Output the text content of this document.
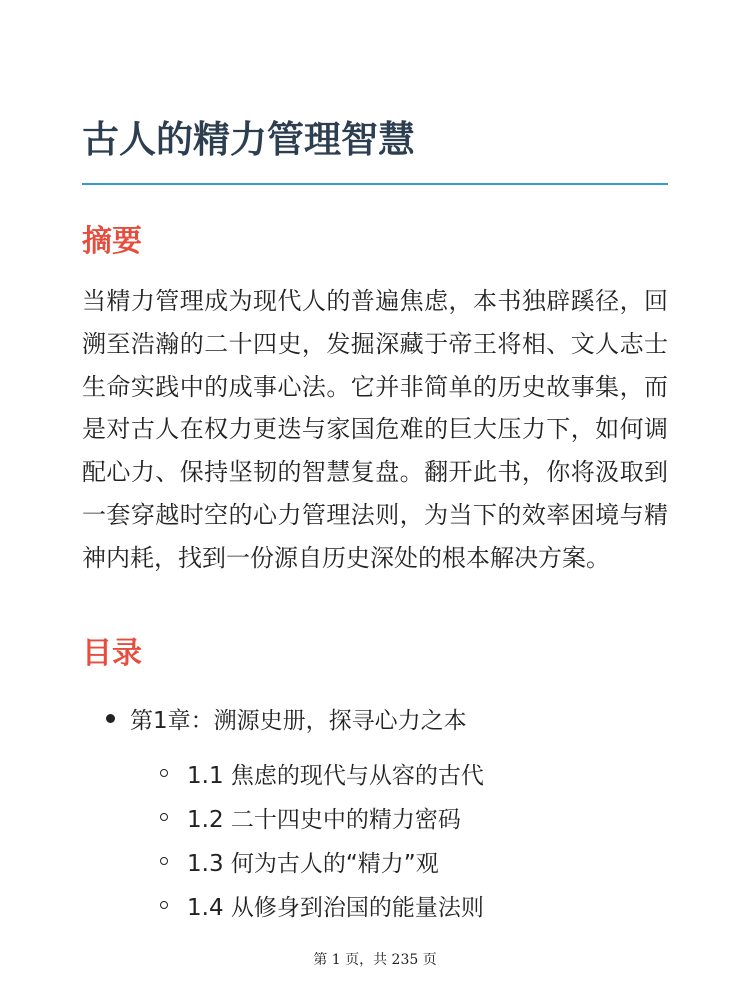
古人的精力管理智慧
摘要

当精力管理成为现代人的普遍焦虑，本书独辟蹊径，回溯至浩瀚的二十四史，发掘深藏于帝王将相、文人志士生命实践中的成事心法。它并非简单的历史故事集，而是对古人在权力更迭与家国危难的巨大压力下，如何调配心力、保持坚韧的智慧复盘。翻开此书，你将汲取到一套穿越时空的心力管理法则，为当下的效率困境与精神内耗，找到一份源自历史深处的根本解决方案。

目录
第1章：溯源史册，探寻心力之本
1.1 焦虑的现代与从容的古代
1.2 二十四史中的精力密码
1.3 何为古人的“精力”观
1.4 从修身到治国的能量法则
第 1 页，共 235 页
